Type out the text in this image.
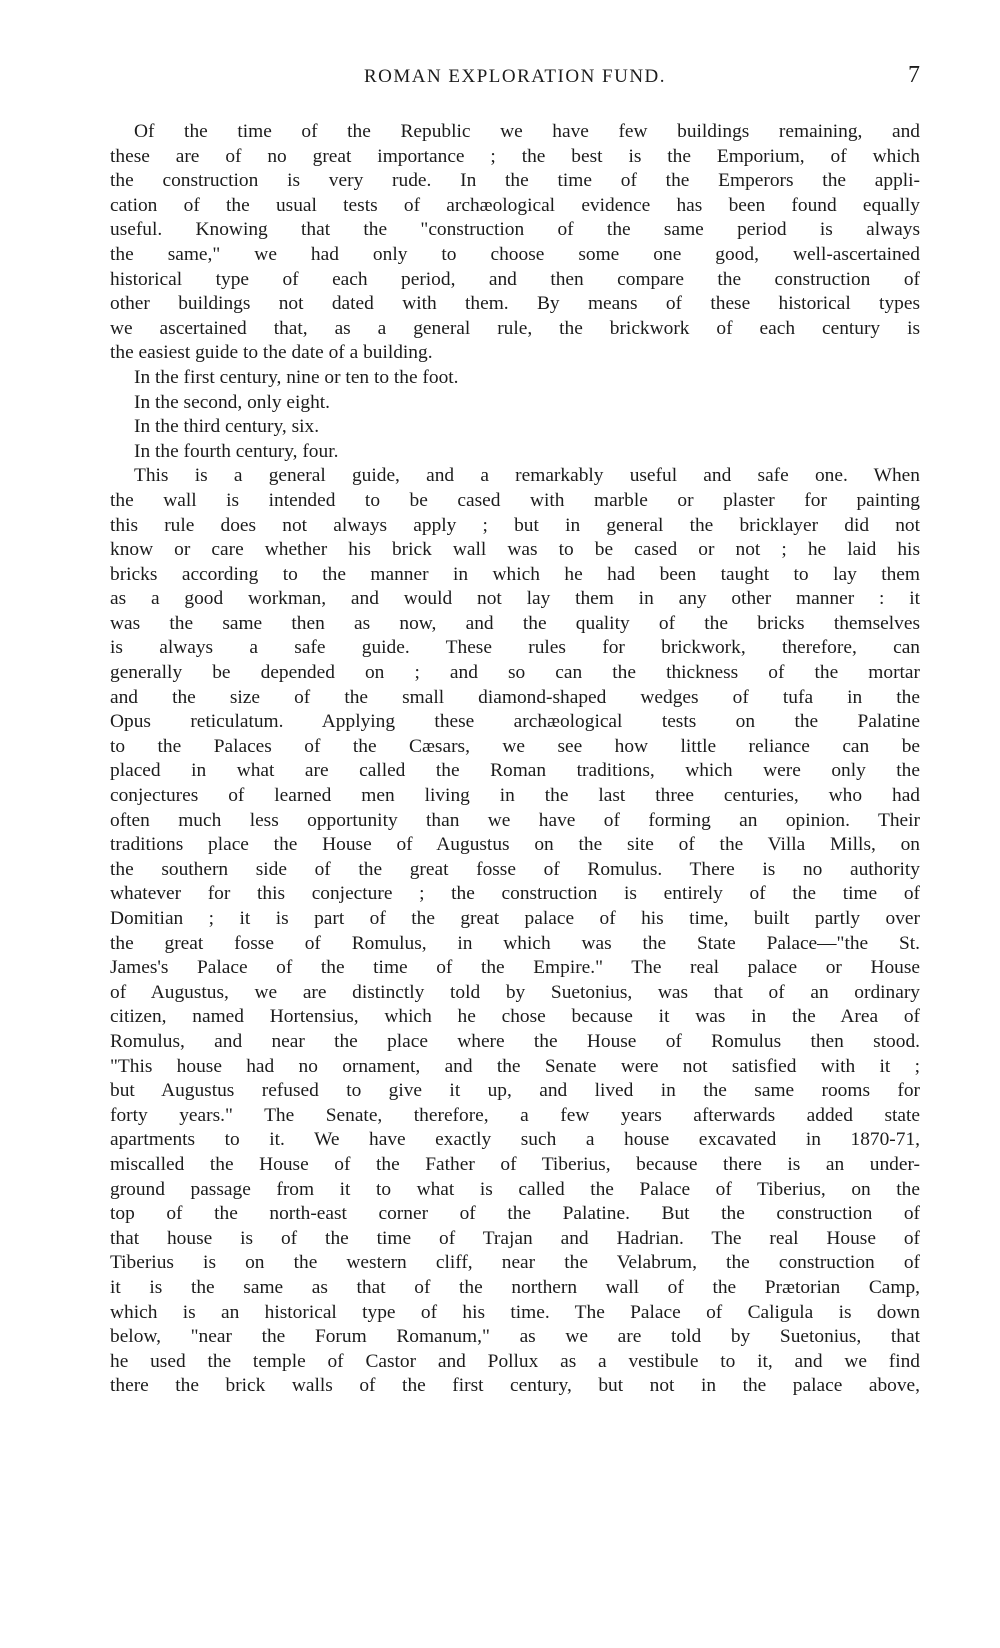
ROMAN EXPLORATION FUND.	7
Of the time of the Republic we have few buildings remaining, and
these are of no great importance ; the best is the Emporium, of which
the construction is very rude. In the time of the Emperors the appli-
cation of the usual tests of archæological evidence has been found equally
useful. Knowing that the "construction of the same period is always
the same," we had only to choose some one good, well-ascertained
historical type of each period, and then compare the construction of
other buildings not dated with them. By means of these historical types
we ascertained that, as a general rule, the brickwork of each century is
the easiest guide to the date of a building.
In the first century, nine or ten to the foot.
In the second, only eight.
In the third century, six.
In the fourth century, four.
This is a general guide, and a remarkably useful and safe one. When
the wall is intended to be cased with marble or plaster for painting
this rule does not always apply ; but in general the bricklayer did not
know or care whether his brick wall was to be cased or not ; he laid his
bricks according to the manner in which he had been taught to lay them
as a good workman, and would not lay them in any other manner : it
was the same then as now, and the quality of the bricks themselves
is always a safe guide. These rules for brickwork, therefore, can
generally be depended on ; and so can the thickness of the mortar
and the size of the small diamond-shaped wedges of tufa in the
Opus reticulatum. Applying these archæological tests on the Palatine
to the Palaces of the Cæsars, we see how little reliance can be
placed in what are called the Roman traditions, which were only the
conjectures of learned men living in the last three centuries, who had
often much less opportunity than we have of forming an opinion. Their
traditions place the House of Augustus on the site of the Villa Mills, on
the southern side of the great fosse of Romulus. There is no authority
whatever for this conjecture ; the construction is entirely of the time of
Domitian ; it is part of the great palace of his time, built partly over
the great fosse of Romulus, in which was the State Palace—"the St.
James's Palace of the time of the Empire." The real palace or House
of Augustus, we are distinctly told by Suetonius, was that of an ordinary
citizen, named Hortensius, which he chose because it was in the Area of
Romulus, and near the place where the House of Romulus then stood.
"This house had no ornament, and the Senate were not satisfied with it ;
but Augustus refused to give it up, and lived in the same rooms for
forty years." The Senate, therefore, a few years afterwards added state
apartments to it. We have exactly such a house excavated in 1870-71,
miscalled the House of the Father of Tiberius, because there is an under-
ground passage from it to what is called the Palace of Tiberius, on the
top of the north-east corner of the Palatine. But the construction of
that house is of the time of Trajan and Hadrian. The real House of
Tiberius is on the western cliff, near the Velabrum, the construction of
it is the same as that of the northern wall of the Prætorian Camp,
which is an historical type of his time. The Palace of Caligula is down
below, "near the Forum Romanum," as we are told by Suetonius, that
he used the temple of Castor and Pollux as a vestibule to it, and we find
there the brick walls of the first century, but not in the palace above,
